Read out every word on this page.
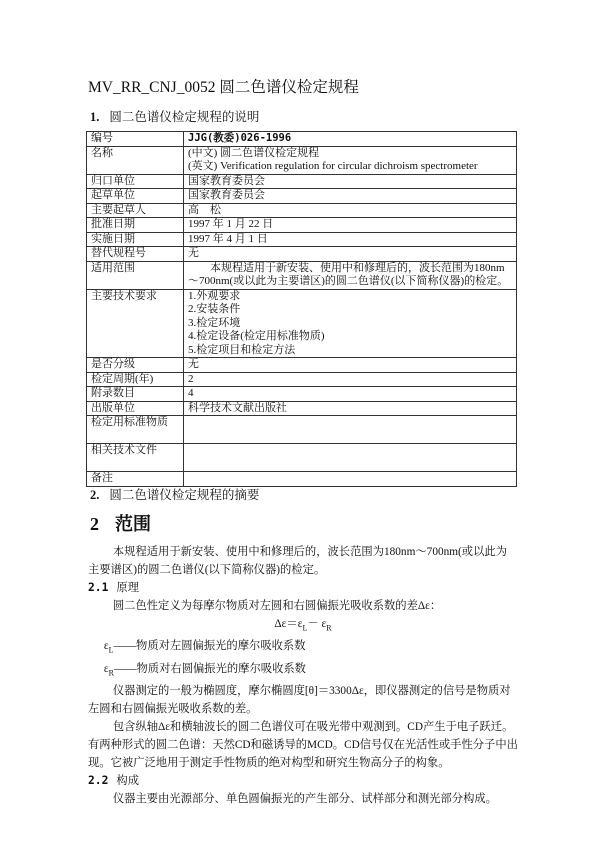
MV_RR_CNJ_0052 圆二色谱仪检定规程
1. 圆二色谱仪检定规程的说明
编号	JJG(教委)026-1996
名称	(中文) 圆二色谱仪检定规程
(英文) Verification regulation for circular dichroism spectrometer

归口单位	国家教育委员会
起草单位	国家教育委员会
主要起草人	高　松
批准日期	1997 年 1 月 22 日
实施日期	1997 年 4 月 1 日
替代规程号	无
适用范围	本规程适用于新安装、使用中和修理后的，波长范围为180nm～700nm(或以此为主要谱区)的圆二色谱仪(以下简称仪器)的检定。
主要技术要求	1.外观要求
2.安装条件
3.检定环境
4.检定设备(检定用标准物质)
5.检定项目和检定方法

是否分级	无
检定周期(年)	2
附录数目	4
出版单位	科学技术文献出版社
检定用标准物质	
相关技术文件	
备注	
2. 圆二色谱仪检定规程的摘要
2 范围

本规程适用于新安装、使用中和修理后的，波长范围为180nm～700nm(或以此为主要谱区)的圆二色谱仪(以下简称仪器)的检定。

2.1 原理

圆二色性定义为每摩尔物质对左圆和右圆偏振光吸收系数的差Δε：

$\Delta\varepsilon=\varepsilon_L- \varepsilon_R$

$\varepsilon_L——$物质对左圆偏振光的摩尔吸收系数

$\varepsilon_R——$物质对右圆偏振光的摩尔吸收系数

仪器测定的一般为椭圆度，摩尔椭圆度[θ]＝3300Δε，即仪器测定的信号是物质对左圆和右圆偏振光吸收系数的差。

包含纵轴Δε和横轴波长的圆二色谱仪可在吸光带中观测到。CD产生于电子跃迁。有两种形式的圆二色谱：天然CD和磁诱导的MCD。CD信号仅在光活性或手性分子中出现。它被广泛地用于测定手性物质的绝对构型和研究生物高分子的构象。

2.2 构成

仪器主要由光源部分、单色圆偏振光的产生部分、试样部分和测光部分构成。
